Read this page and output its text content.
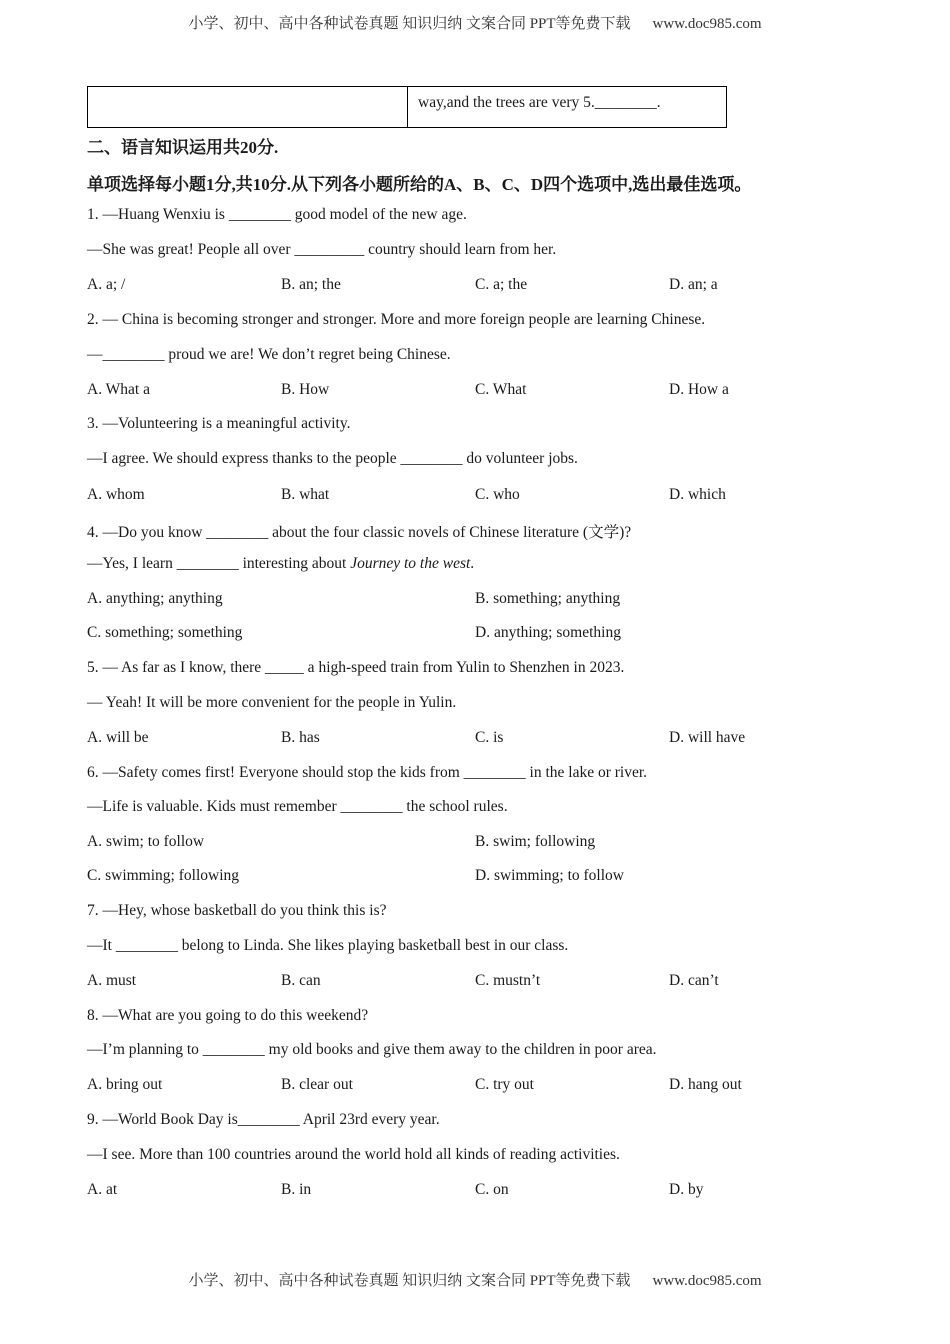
小学、初中、高中各种试卷真题 知识归纳 文案合同 PPT等免费下载 www.doc985.com
way,and the trees are very 5.________.
二、语言知识运用共20分.
单项选择每小题1分,共10分.从下列各小题所给的A、B、C、D四个选项中,选出最佳选项。
1. —Huang Wenxiu is ________ good model of the new age.
—She was great! People all over _________ country should learn from her.
A. a; /	B. an; the	C. a; the	D. an; a
2. — China is becoming stronger and stronger. More and more foreign people are learning Chinese.
—________ proud we are! We don’t regret being Chinese.
A. What a	B. How	C. What	D. How a
3. —Volunteering is a meaningful activity.
—I agree. We should express thanks to the people ________ do volunteer jobs.
A. whom	B. what	C. who	D. which
4. —Do you know ________ about the four classic novels of Chinese literature (文学)?
—Yes, I learn ________ interesting about Journey to the west.
A. anything; anything	B. something; anything
C. something; something	D. anything; something
5. — As far as I know, there _____ a high-speed train from Yulin to Shenzhen in 2023.
— Yeah! It will be more convenient for the people in Yulin.
A. will be	B. has	C. is	D. will have
6. —Safety comes first! Everyone should stop the kids from ________ in the lake or river.
—Life is valuable. Kids must remember ________ the school rules.
A. swim; to follow	B. swim; following
C. swimming; following	D. swimming; to follow
7. —Hey, whose basketball do you think this is?
—It ________ belong to Linda. She likes playing basketball best in our class.
A. must	B. can	C. mustn’t	D. can’t
8. —What are you going to do this weekend?
—I’m planning to ________ my old books and give them away to the children in poor area.
A. bring out	B. clear out	C. try out	D. hang out
9. —World Book Day is________ April 23rd every year.
—I see. More than 100 countries around the world hold all kinds of reading activities.
A. at	B. in	C. on	D. by
小学、初中、高中各种试卷真题 知识归纳 文案合同 PPT等免费下载 www.doc985.com
